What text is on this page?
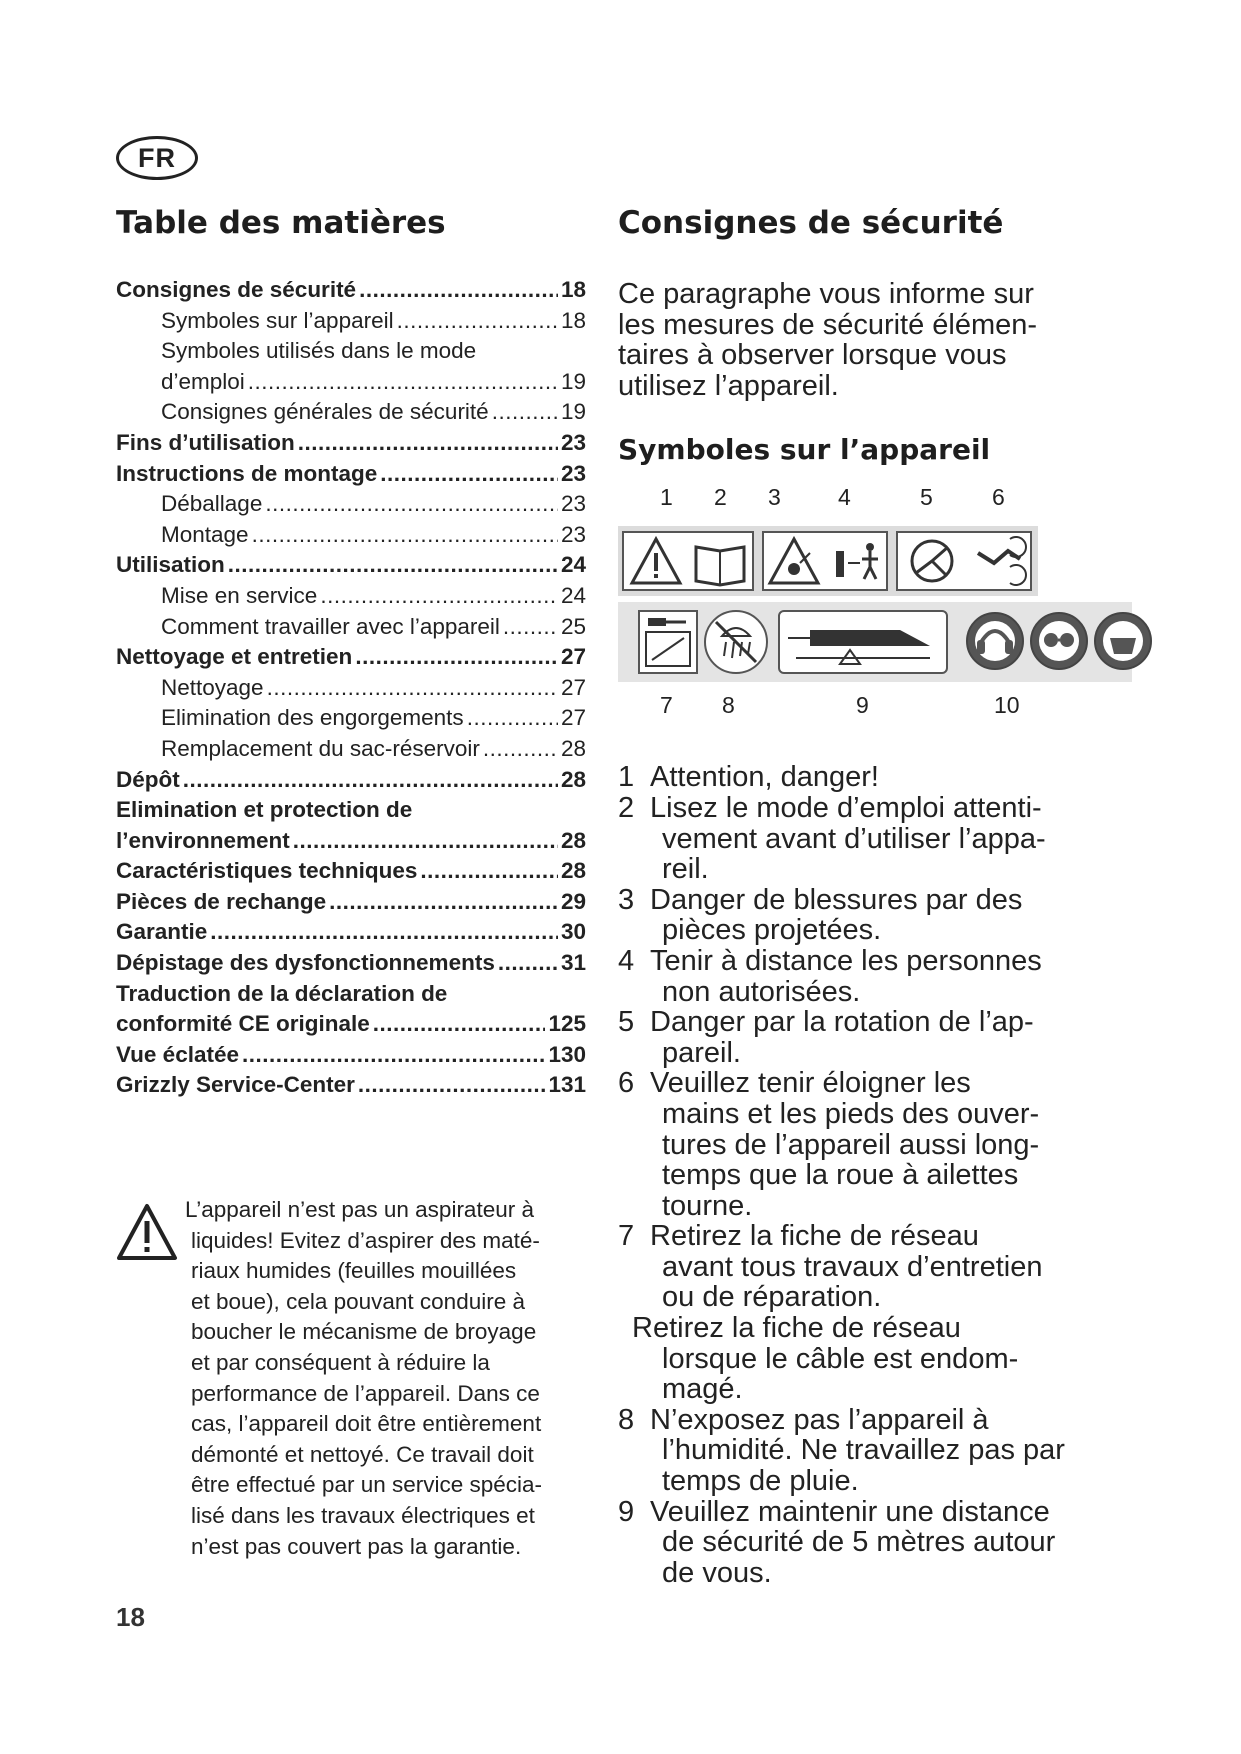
FR
Table des matières
Consignes de sécurité .....	18
Symboles sur l’appareil .....	18
Symboles utilisés dans le mode
d’emploi .....	19
Consignes générales de sécurité .....	19
Fins d’utilisation .....	23
Instructions de montage .....	23
Déballage .....	23
Montage .....	23
Utilisation .....	24
Mise en service .....	24
Comment travailler avec l’appareil .....	25
Nettoyage et entretien .....	27
Nettoyage .....	27
Elimination des engorgements .....	27
Remplacement du sac-réservoir .....	28
Dépôt .....	28
Elimination et protection de
l’environnement .....	28
Caractéristiques techniques .....	28
Pièces de rechange .....	29
Garantie .....	30
Dépistage des dysfonctionnements .....	31
Traduction de la déclaration de
conformité CE originale .....	125
Vue éclatée .....	130
Grizzly Service-Center .....	131
L’appareil n’est pas un aspirateur à
liquides! Evitez d’aspirer des maté-
riaux humides (feuilles mouillées
et boue), cela pouvant conduire à
boucher le mécanisme de broyage
et par conséquent à réduire la
performance de l’appareil. Dans ce
cas, l’appareil doit être entièrement
démonté et nettoyé. Ce travail doit
être effectué par un service spécia-
lisé dans les travaux électriques et
n’est pas couvert pas la garantie.
18
Consignes de sécurité
Ce paragraphe vous informe sur
les mesures de sécurité élémen-
taires à observer lorsque vous
utilisez l’appareil.
Symboles sur l’appareil
1 2 3 4	5	6
7 8	9	10
1 Attention, danger!
2 Lisez le mode d’emploi attenti-
vement avant d’utiliser l’appa-
reil.
3 Danger de blessures par des
pièces projetées.
4 Tenir à distance les personnes
non autorisées.
5 Danger par la rotation de l’ap-
pareil.
6 Veuillez tenir éloigner les
mains et les pieds des ouver-
tures de l’appareil aussi long-
temps que la roue à ailettes
tourne.
7 Retirez la fiche de réseau
avant tous travaux d’entretien
ou de réparation.
Retirez la fiche de réseau
lorsque le câble est endom-
magé.
8 N’exposez pas l’appareil à
l’humidité. Ne travaillez pas par
temps de pluie.
9 Veuillez maintenir une distance
de sécurité de 5 mètres autour
de vous.
